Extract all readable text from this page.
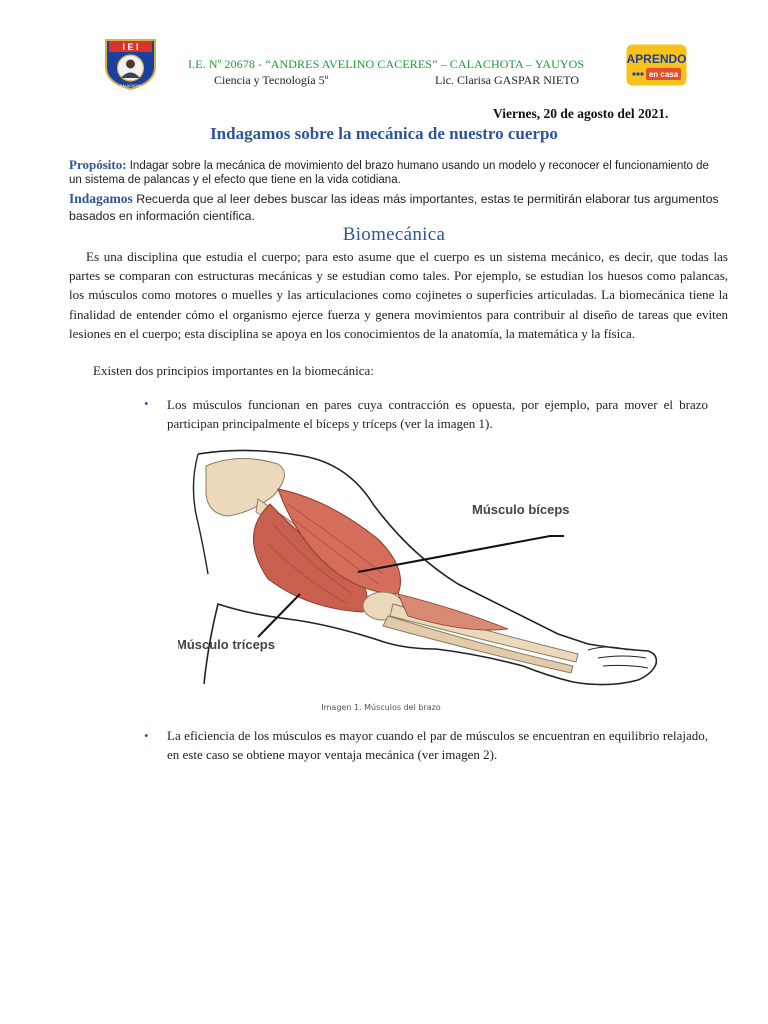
I E I
CALACHOTA
I.E. Nº 20678 - “ANDRES AVELINO CACERES” – CALACHOTA – YAUYOS
Ciencia y Tecnología 5º	Lic. Clarisa GASPAR NIETO
APRENDO
en casa
Viernes, 20 de agosto del 2021.
Indagamos sobre la mecánica de nuestro cuerpo
Propósito: Indagar sobre la mecánica de movimiento del brazo humano usando un modelo y reconocer el funcionamiento de un sistema de palancas y el efecto que tiene en la vida cotidiana.
Indagamos Recuerda que al leer debes buscar las ideas más importantes, estas te permitirán elaborar tus argumentos basados en información científica.
Biomecánica

Es una disciplina que estudia el cuerpo; para esto asume que el cuerpo es un sistema mecánico, es decir, que todas las partes se comparan con estructuras mecánicas y se estudian como tales. Por ejemplo, se estudian los huesos como palancas, los músculos como motores o muelles y las articulaciones como cojinetes o superficies articuladas. La biomecánica tiene la finalidad de entender cómo el organismo ejerce fuerza y genera movimientos para contribuir al diseño de tareas que eviten lesiones en el cuerpo; esta disciplina se apoya en los conocimientos de la anatomía, la matemática y la física.

Existen dos principios importantes en la biomecánica:
• Los músculos funcionan en pares cuya contracción es opuesta, por ejemplo, para mover el brazo participan principalmente el bíceps y tríceps (ver la imagen 1).
Músculo bíceps
Músculo tríceps
Imagen 1. Músculos del brazo
• La eficiencia de los músculos es mayor cuando el par de músculos se encuentran en equilibrio relajado, en este caso se obtiene mayor ventaja mecánica (ver imagen 2).
